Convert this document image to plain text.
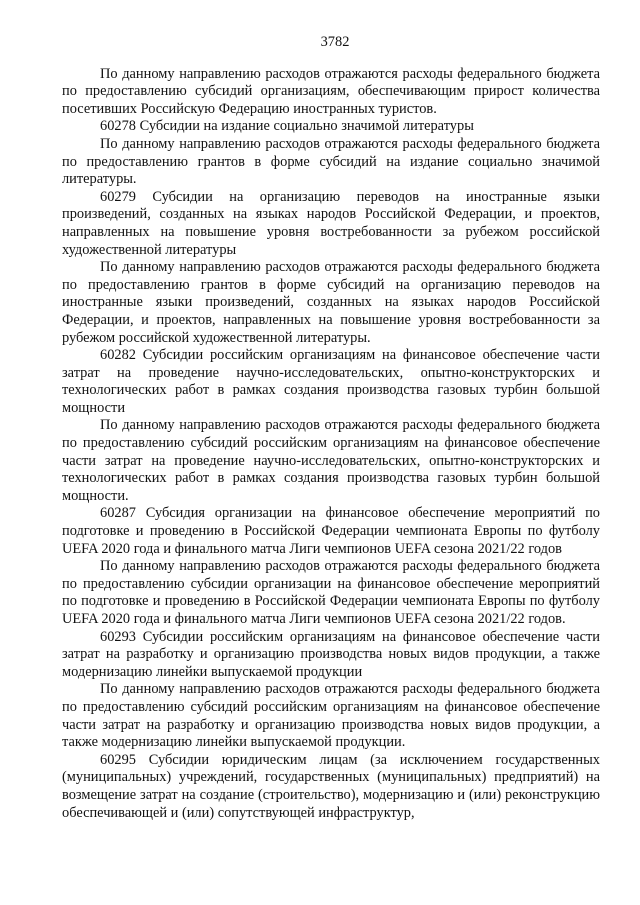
3782

По данному направлению расходов отражаются расходы федерального бюджета по предоставлению субсидий организациям, обеспечивающим прирост количества посетивших Российскую Федерацию иностранных туристов.

60278 Субсидии на издание социально значимой литературы

По данному направлению расходов отражаются расходы федерального бюджета по предоставлению грантов в форме субсидий на издание социально значимой литературы.

60279 Субсидии на организацию переводов на иностранные языки произведений, созданных на языках народов Российской Федерации, и проектов, направленных на повышение уровня востребованности за рубежом российской художественной литературы

По данному направлению расходов отражаются расходы федерального бюджета по предоставлению грантов в форме субсидий на организацию переводов на иностранные языки произведений, созданных на языках народов Российской Федерации, и проектов, направленных на повышение уровня востребованности за рубежом российской художественной литературы.

60282 Субсидии российским организациям на финансовое обеспечение части затрат на проведение научно-исследовательских, опытно-конструкторских и технологических работ в рамках создания производства газовых турбин большой мощности

По данному направлению расходов отражаются расходы федерального бюджета по предоставлению субсидий российским организациям на финансовое обеспечение части затрат на проведение научно-исследовательских, опытно-конструкторских и технологических работ в рамках создания производства газовых турбин большой мощности.

60287 Субсидия организации на финансовое обеспечение мероприятий по подготовке и проведению в Российской Федерации чемпионата Европы по футболу UEFA 2020 года и финального матча Лиги чемпионов UEFA сезона 2021/22 годов

По данному направлению расходов отражаются расходы федерального бюджета по предоставлению субсидии организации на финансовое обеспечение мероприятий по подготовке и проведению в Российской Федерации чемпионата Европы по футболу UEFA 2020 года и финального матча Лиги чемпионов UEFA сезона 2021/22 годов.

60293 Субсидии российским организациям на финансовое обеспечение части затрат на разработку и организацию производства новых видов продукции, а также модернизацию линейки выпускаемой продукции

По данному направлению расходов отражаются расходы федерального бюджета по предоставлению субсидий российским организациям на финансовое обеспечение части затрат на разработку и организацию производства новых видов продукции, а также модернизацию линейки выпускаемой продукции.

60295 Субсидии юридическим лицам (за исключением государственных (муниципальных) учреждений, государственных (муниципальных) предприятий) на возмещение затрат на создание (строительство), модернизацию и (или) реконструкцию обеспечивающей и (или) сопутствующей инфраструктур,
